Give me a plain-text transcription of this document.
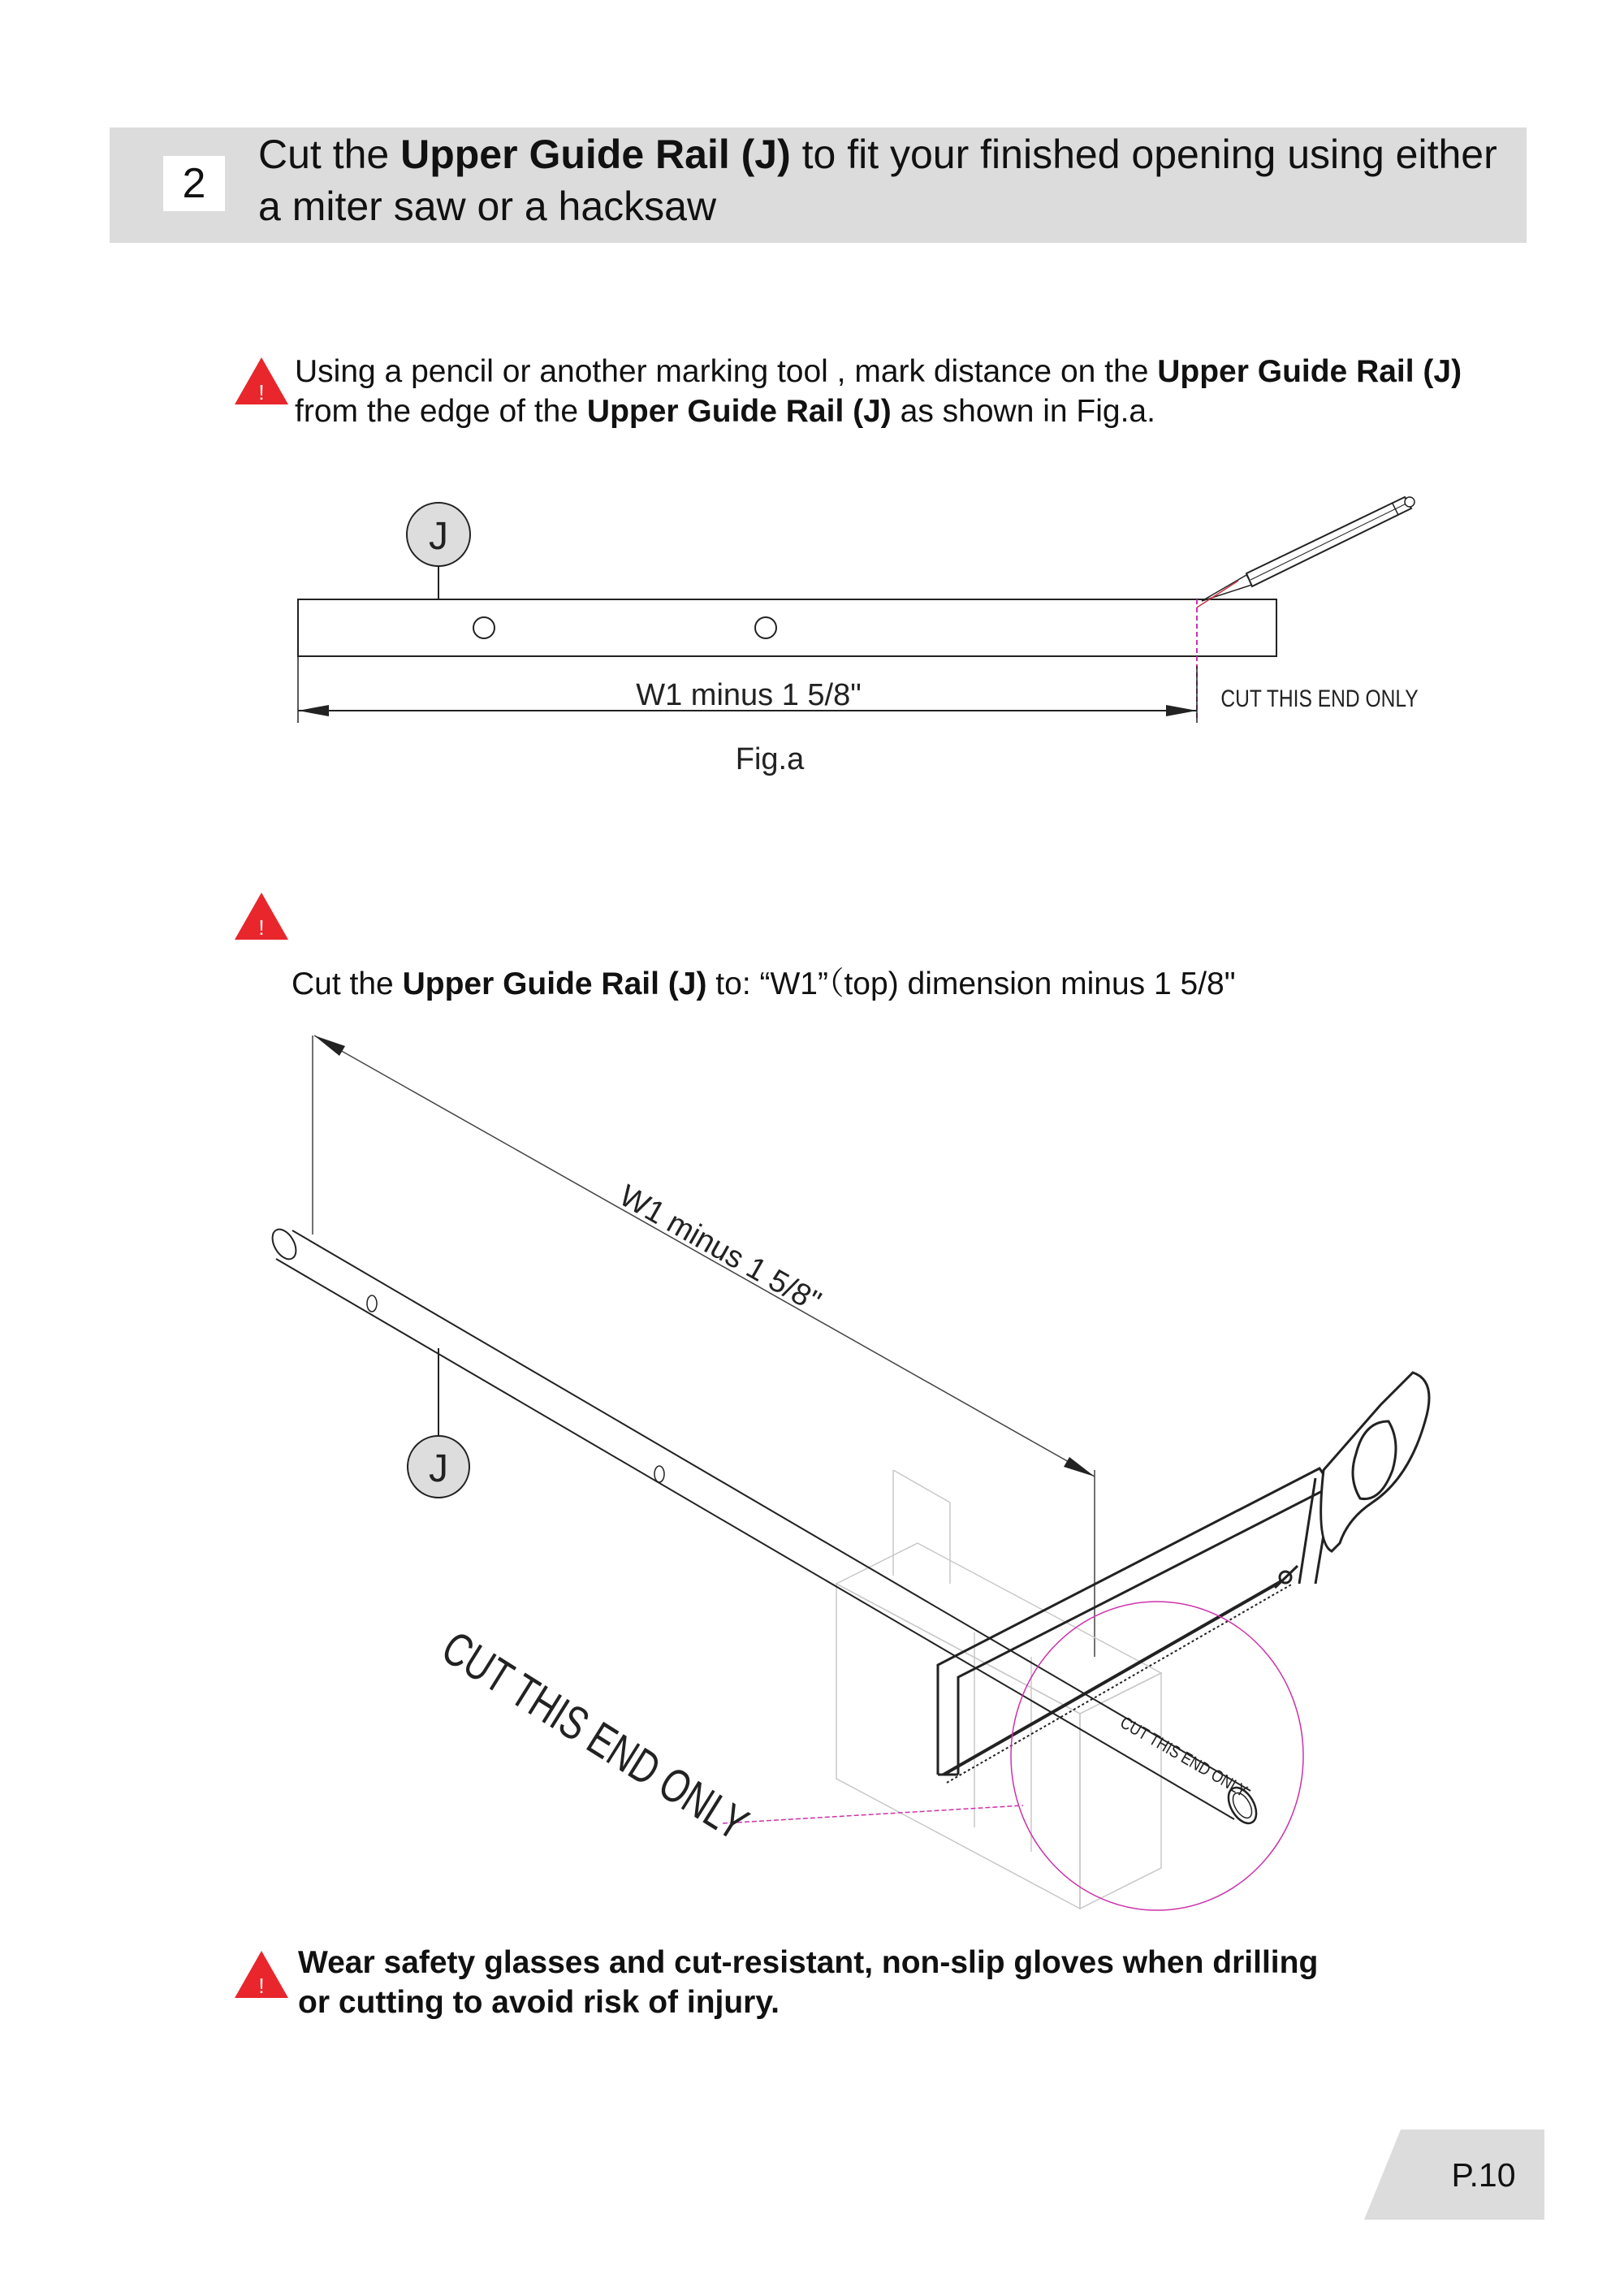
2
Cut the Upper Guide Rail (J) to fit your finished opening using either a miter saw or a hacksaw
!
Using a pencil or another marking tool , mark distance on the Upper Guide Rail (J) from the edge of the Upper Guide Rail (J) as shown in Fig.a.
J
W1 minus 1 5/8"	CUT THIS END ONLY
Fig.a
!
Cut the Upper Guide Rail (J) to: “W1”（top) dimension minus 1 5/8"
W1 minus 1 5/8"
J
CUT THIS END ONLY
CUT THIS END ONLY
!
Wear safety glasses and cut-resistant, non-slip gloves when drilling or cutting to avoid risk of injury.
P.10
